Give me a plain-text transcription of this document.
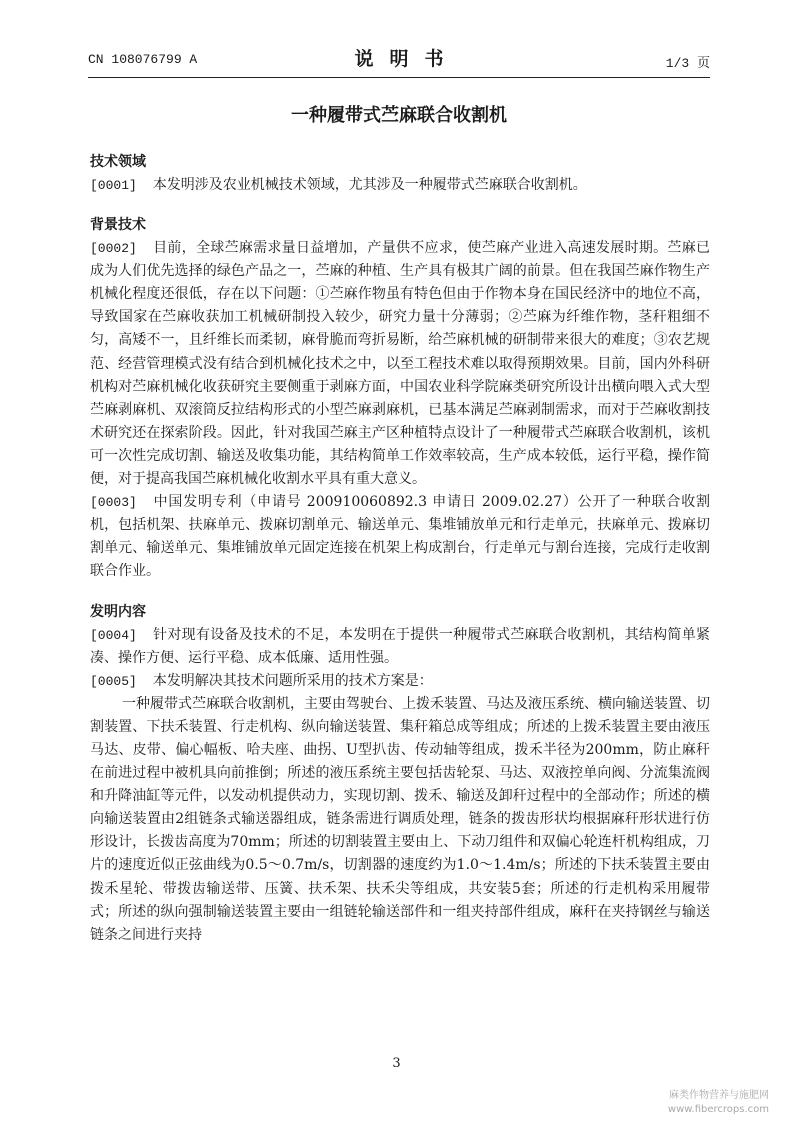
CN 108076799 A	说明书	1/3 页
一种履带式苎麻联合收割机
技术领域

[0001] 本发明涉及农业机械技术领域，尤其涉及一种履带式苎麻联合收割机。

背景技术

[0002] 目前，全球苎麻需求量日益增加，产量供不应求，使苎麻产业进入高速发展时期。苎麻已成为人们优先选择的绿色产品之一，苎麻的种植、生产具有极其广阔的前景。但在我国苎麻作物生产机械化程度还很低，存在以下问题：①苎麻作物虽有特色但由于作物本身在国民经济中的地位不高，导致国家在苎麻收获加工机械研制投入较少，研究力量十分薄弱；②苎麻为纤维作物，茎秆粗细不匀，高矮不一，且纤维长而柔韧，麻骨脆而弯折易断，给苎麻机械的研制带来很大的难度；③农艺规范、经营管理模式没有结合到机械化技术之中，以至工程技术难以取得预期效果。目前，国内外科研机构对苎麻机械化收获研究主要侧重于剥麻方面，中国农业科学院麻类研究所设计出横向喂入式大型苎麻剥麻机、双滚筒反拉结构形式的小型苎麻剥麻机，已基本满足苎麻剥制需求，而对于苎麻收割技术研究还在探索阶段。因此，针对我国苎麻主产区种植特点设计了一种履带式苎麻联合收割机，该机可一次性完成切割、输送及收集功能，其结构简单工作效率较高，生产成本较低，运行平稳，操作简便，对于提高我国苎麻机械化收割水平具有重大意义。

[0003] 中国发明专利（申请号 200910060892.3 申请日 2009.02.27）公开了一种联合收割机，包括机架、扶麻单元、拨麻切割单元、输送单元、集堆铺放单元和行走单元，扶麻单元、拨麻切割单元、输送单元、集堆铺放单元固定连接在机架上构成割台，行走单元与割台连接，完成行走收割联合作业。

发明内容

[0004] 针对现有设备及技术的不足，本发明在于提供一种履带式苎麻联合收割机，其结构简单紧凑、操作方便、运行平稳、成本低廉、适用性强。

[0005] 本发明解决其技术问题所采用的技术方案是：

一种履带式苎麻联合收割机，主要由驾驶台、上拨禾装置、马达及液压系统、横向输送装置、切割装置、下扶禾装置、行走机构、纵向输送装置、集秆箱总成等组成；所述的上拨禾装置主要由液压马达、皮带、偏心幅板、哈夫座、曲拐、U型扒齿、传动轴等组成，拨禾半径为200mm，防止麻秆在前进过程中被机具向前推倒；所述的液压系统主要包括齿轮泵、马达、双液控单向阀、分流集流阀和升降油缸等元件，以发动机提供动力，实现切割、拨禾、输送及卸秆过程中的全部动作；所述的横向输送装置由2组链条式输送器组成，链条需进行调质处理，链条的拨齿形状均根据麻秆形状进行仿形设计，长拨齿高度为70mm；所述的切割装置主要由上、下动刀组件和双偏心轮连杆机构组成，刀片的速度近似正弦曲线为0.5～0.7m/s，切割器的速度约为1.0～1.4m/s；所述的下扶禾装置主要由拨禾星轮、带拨齿输送带、压簧、扶禾架、扶禾尖等组成，共安装5套；所述的行走机构采用履带式；所述的纵向强制输送装置主要由一组链轮输送部件和一组夹持部件组成，麻秆在夹持钢丝与输送链条之间进行夹持

3
麻类作物营养与施肥网
www.fibercrops.com
